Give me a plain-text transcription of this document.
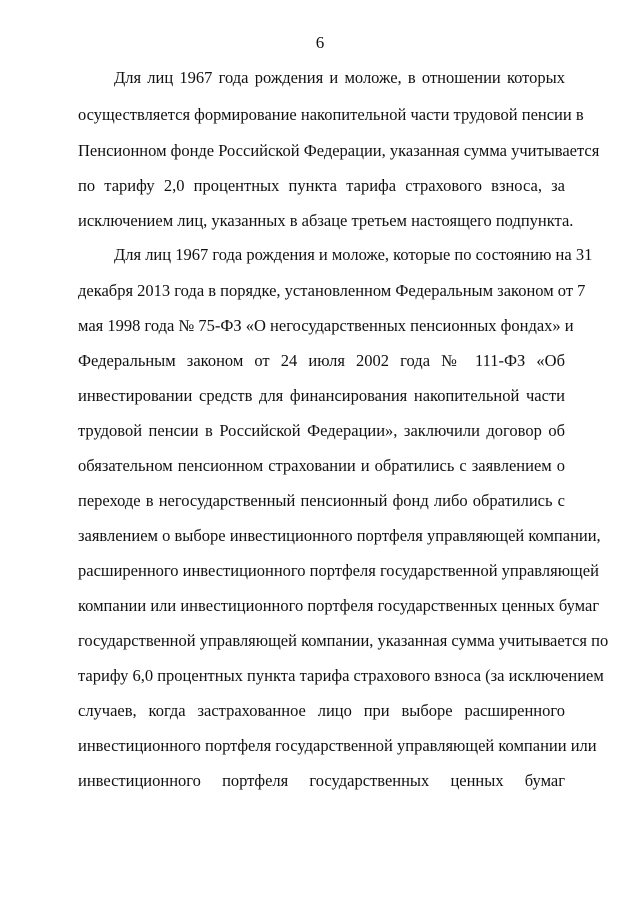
6
Для лиц 1967 года рождения и моложе, в отношении которых
осуществляется формирование накопительной части трудовой пенсии в
Пенсионном фонде Российской Федерации, указанная сумма учитывается
по тарифу 2,0 процентных пункта тарифа страхового взноса, за
исключением лиц, указанных в абзаце третьем настоящего подпункта.
Для лиц 1967 года рождения и моложе, которые по состоянию на 31
декабря 2013 года в порядке, установленном Федеральным законом от 7
мая 1998 года № 75-ФЗ «О негосударственных пенсионных фондах» и
Федеральным законом от 24 июля 2002 года № 111-ФЗ «Об
инвестировании средств для финансирования накопительной части
трудовой пенсии в Российской Федерации», заключили договор об
обязательном пенсионном страховании и обратились с заявлением о
переходе в негосударственный пенсионный фонд либо обратились с
заявлением о выборе инвестиционного портфеля управляющей компании,
расширенного инвестиционного портфеля государственной управляющей
компании или инвестиционного портфеля государственных ценных бумаг
государственной управляющей компании, указанная сумма учитывается по
тарифу 6,0 процентных пункта тарифа страхового взноса (за исключением
случаев, когда застрахованное лицо при выборе расширенного
инвестиционного портфеля государственной управляющей компании или
инвестиционного портфеля государственных ценных бумаг
